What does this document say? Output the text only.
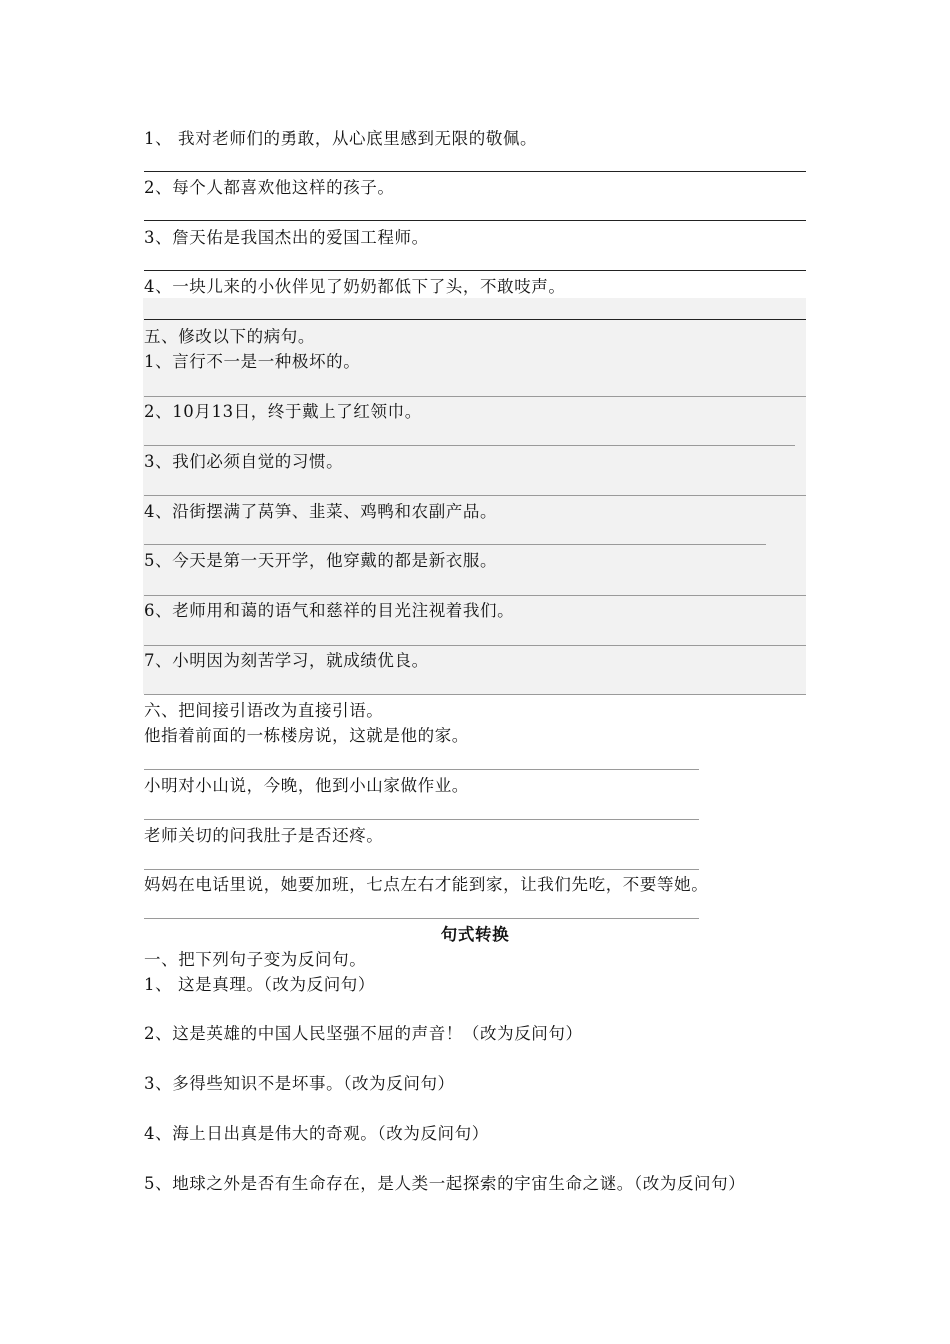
1、 我对老师们的勇敢，从心底里感到无限的敬佩。
2、每个人都喜欢他这样的孩子。
3、詹天佑是我国杰出的爱国工程师。
4、一块儿来的小伙伴见了奶奶都低下了头，不敢吱声。
五、修改以下的病句。
1、言行不一是一种极坏的。
2、10月13日，终于戴上了红领巾。
3、我们必须自觉的习惯。
4、沿街摆满了莴笋、韭菜、鸡鸭和农副产品。
5、今天是第一天开学，他穿戴的都是新衣服。
6、老师用和蔼的语气和慈祥的目光注视着我们。
7、小明因为刻苦学习，就成绩优良。
六、把间接引语改为直接引语。
他指着前面的一栋楼房说，这就是他的家。
小明对小山说，今晚，他到小山家做作业。
老师关切的问我肚子是否还疼。
妈妈在电话里说，她要加班，七点左右才能到家，让我们先吃，不要等她。
句式转换
一、把下列句子变为反问句。
1、 这是真理。（改为反问句）
2、这是英雄的中国人民坚强不屈的声音！（改为反问句）
3、多得些知识不是坏事。（改为反问句）
4、海上日出真是伟大的奇观。（改为反问句）
5、地球之外是否有生命存在，是人类一起探索的宇宙生命之谜。（改为反问句）
